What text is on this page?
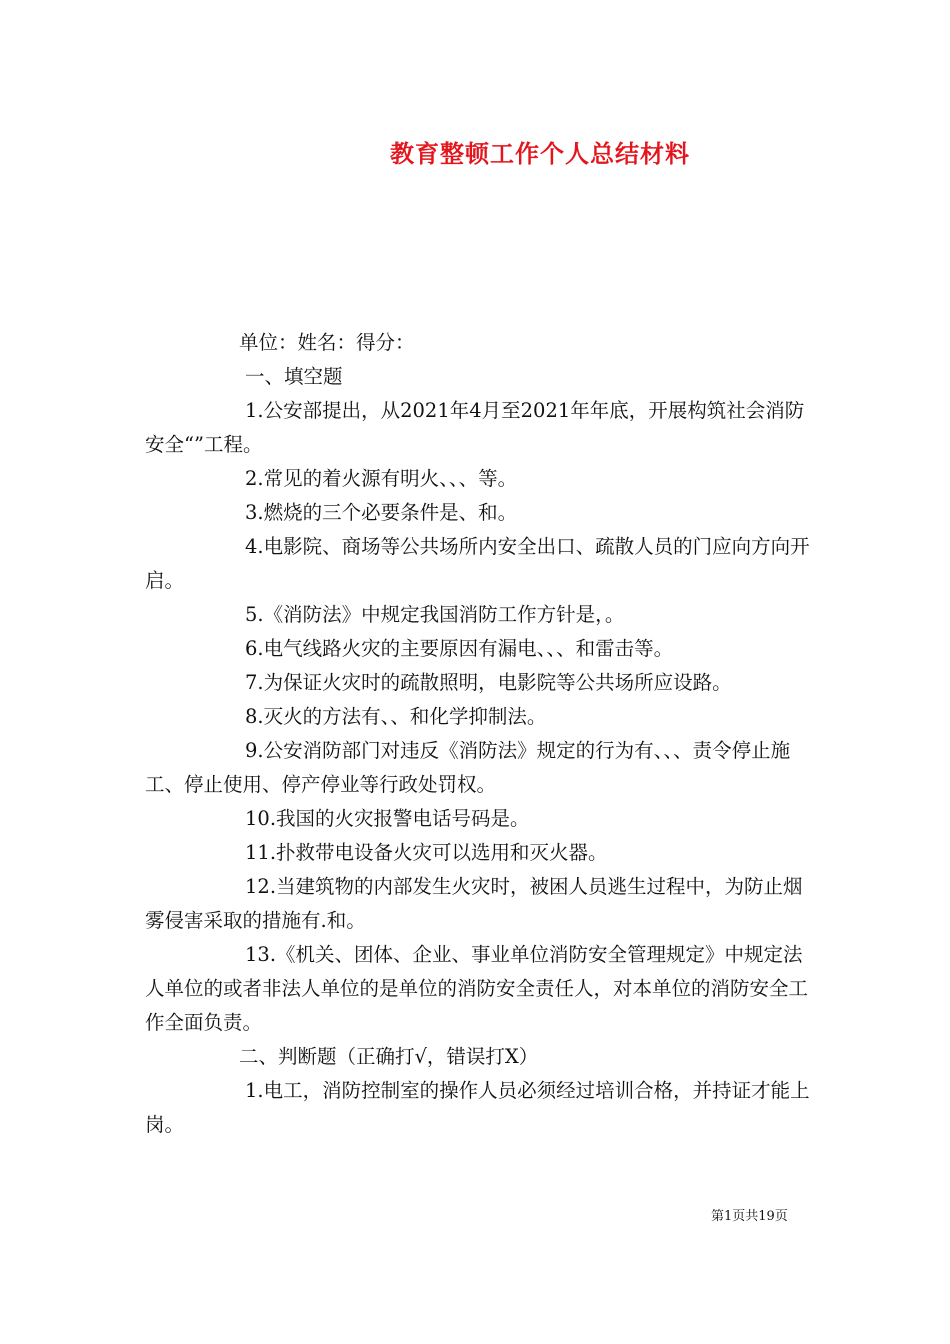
教育整顿工作个人总结材料

单位：姓名：得分：

一、填空题

1.公安部提出，从2021年4月至2021年年底，开展构筑社会消防安全“”工程。

2.常见的着火源有明火、、、等。

3.燃烧的三个必要条件是、和。

4.电影院、商场等公共场所内安全出口、疏散人员的门应向方向开启。

5.《消防法》中规定我国消防工作方针是，。

6.电气线路火灾的主要原因有漏电、、、和雷击等。

7.为保证火灾时的疏散照明，电影院等公共场所应设路。

8.灭火的方法有、、和化学抑制法。

9.公安消防部门对违反《消防法》规定的行为有、、、责令停止施工、停止使用、停产停业等行政处罚权。

10.我国的火灾报警电话号码是。

11.扑救带电设备火灾可以选用和灭火器。

12.当建筑物的内部发生火灾时，被困人员逃生过程中，为防止烟雾侵害采取的措施有.和。

13.《机关、团体、企业、事业单位消防安全管理规定》中规定法人单位的或者非法人单位的是单位的消防安全责任人，对本单位的消防安全工作全面负责。

二、判断题（正确打√，错误打X）

1.电工，消防控制室的操作人员必须经过培训合格，并持证才能上岗。

第1页共19页
